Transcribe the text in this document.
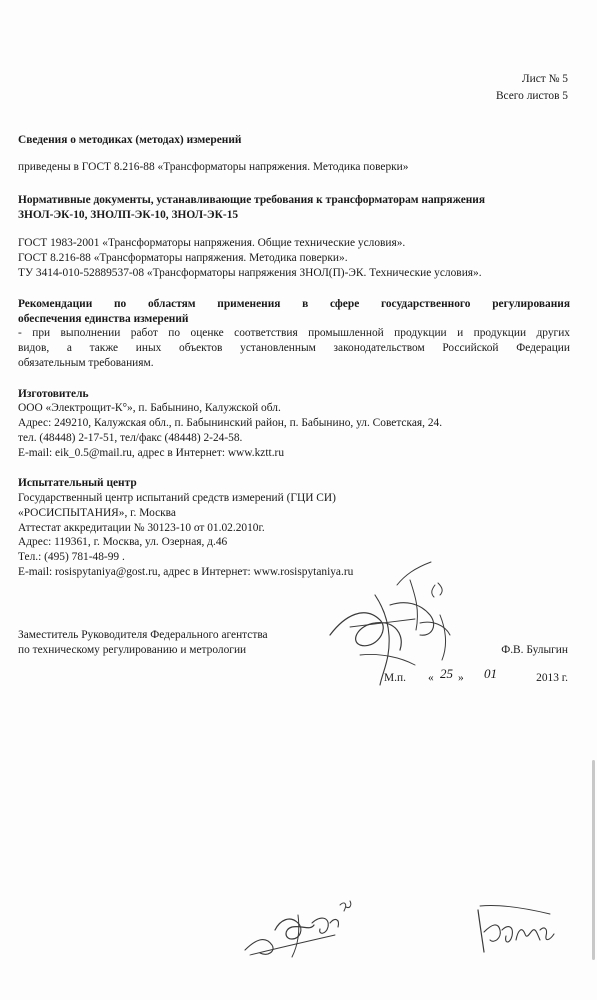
Лист № 5
Всего листов 5
Сведения о методиках (методах) измерений
приведены в ГОСТ 8.216-88 «Трансформаторы напряжения. Методика поверки»
Нормативные документы, устанавливающие требования к трансформаторам напряжения
ЗНОЛ-ЭК-10, ЗНОЛП-ЭК-10, ЗНОЛ-ЭК-15
ГОСТ 1983-2001 «Трансформаторы напряжения. Общие технические условия».
ГОСТ 8.216-88 «Трансформаторы напряжения. Методика поверки».
ТУ 3414-010-52889537-08 «Трансформаторы напряжения ЗНОЛ(П)-ЭК. Технические условия».
Рекомендации по областям применения в сфере государственного регулирования
обеспечения единства измерений
- при выполнении работ по оценке соответствия промышленной продукции и продукции других
видов, а также иных объектов установленным законодательством Российской Федерации
обязательным требованиям.
Изготовитель
ООО «Электрощит-К°», п. Бабынино, Калужской обл.
Адрес: 249210, Калужская обл., п. Бабынинский район, п. Бабынино, ул. Советская, 24.
тел. (48448) 2-17-51, тел/факс (48448) 2-24-58.
E-mail: eik_0.5@mail.ru, адрес в Интернет: www.kztt.ru
Испытательный центр
Государственный центр испытаний средств измерений (ГЦИ СИ)
«РОСИСПЫТАНИЯ», г. Москва
Аттестат аккредитации № 30123-10 от 01.02.2010г.
Адрес: 119361, г. Москва, ул. Озерная, д.46
Тел.: (495) 781-48-99 .
E-mail: rosispytaniya@gost.ru, адрес в Интернет: www.rosispytaniya.ru
Заместитель Руководителя Федерального агентства
по техническому регулированию и метрологии	Ф.В. Булыгин
М.п. « 25 » 01	2013 г.
